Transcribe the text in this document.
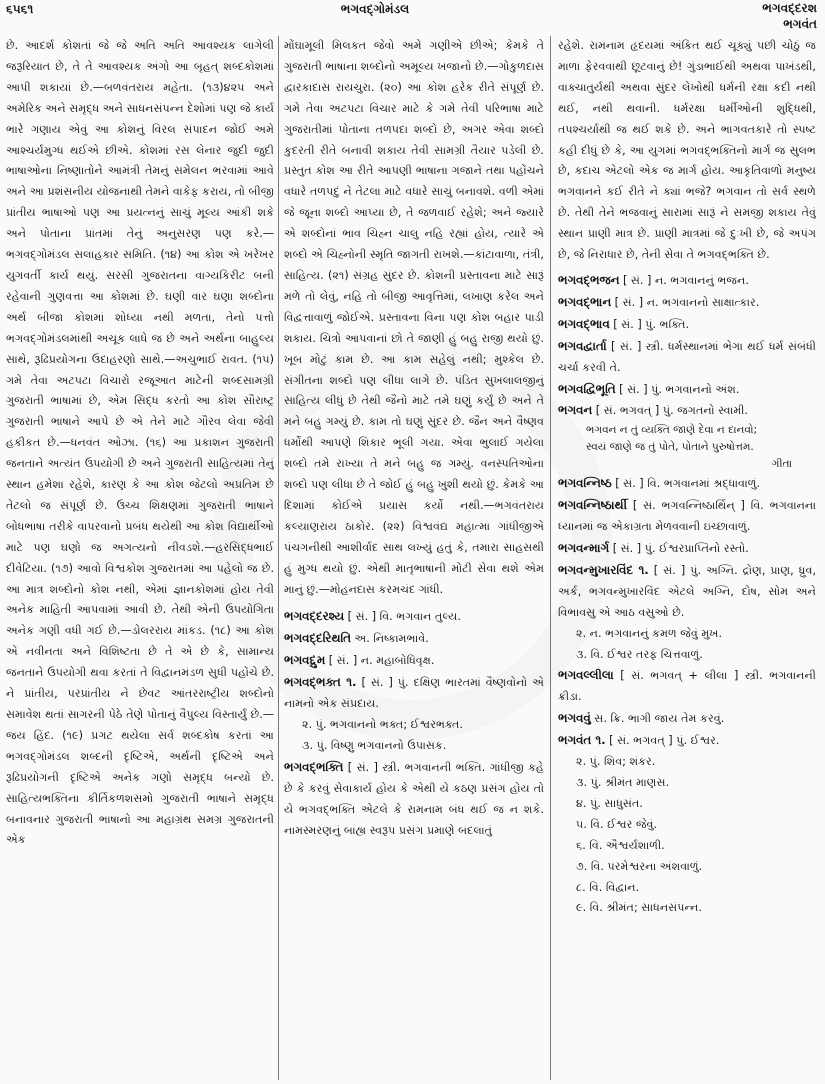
૬૫૬૧	ભગવદ્ગોમંડલ	ભગવદ્દરશ
ભગવંત

છે. આદર્શ કોશતાં જે જે અતિ અતિ આવશ્યક લાગેલી જરૂરિયાત છે, તે તે આવશ્યક અંગો આ બૃહત્ શબ્દકોશમાં આપી શકાયાં છે.—બળવંતરાય મહેતા. (૧૩)૪૨૫ અને અમેરિક અને સમૃદ્ધ અને સાધનસંપન્ન દેશોમાં પણ જે કાર્ય ભારે ગણાય એવું આ કોશનું વિરલ સંપાદન જોઈ અમે આશ્ચર્યમુગ્ધ થઈએ છીએ. કોશમાં રસ લેનાર જુદી જુદી ભાષાઓના નિષ્ણાતોને આમંત્રી તેમનું સમેલન ભરવામાં આવે અને આ પ્રશંસનીય યોજનાથી તેમને વાકેફ કરાય, તો બીજી પ્રાંતીય ભાષાઓ પણ આ પ્રયત્નનું સાચું મૂલ્ય આંકી શકે અને પોતાના પ્રાંતમાં તેનું અનુસરણ પણ કરે.—ભગવદ્ગોમંડલ સલાહકાર સમિતિ. (૧૪) આ કોશ એ ખરેખર યુગવર્તી કાર્ય થયું. સરસી ગુજરાતના વાગ્યકિરીટ બની રહેવાની ગુણવત્તા આ કોશમાં છે. ઘણી વાર ઘણા શબ્દોના અર્થ બીજા કોશમાં શોધ્યા નથી મળતા, તેનો પત્તો ભગવદ્ગોમંડલમાંથી અચૂક લાધે જ છે અને અર્થના બાહુલ્ય સાથે, રૂઢિપ્રયોગના ઉદાહરણો સાથે.—અચુભાઈ રાવત. (૧૫) ગમે તેવા અટપટા વિચારો રજૂઆત માટેની શબ્દસામગ્રી ગુજરાતી ભાષામાં છે, એમ સિદ્ધ કરતો આ કોશ સૌરાષ્ટ્ર ગુજરાતી ભાષાને આપે છે એ તેને માટે ગૌરવ લેવા જેવી હકીકત છે.—ધનવંત ઓઝા. (૧૬) આ પ્રકાશન ગુજરાતી જનતાને અત્યંત ઉપયોગી છે અને ગુજરાતી સાહિત્યમાં તેનું સ્થાન હમેશા રહેશે, કારણ કે આ કોશ જેટલો અપ્રતિમ છે તેટલો જ સંપૂર્ણ છે. ઉચ્ચ શિક્ષણમાં ગુજરાતી ભાષાને બોધભાષા તરીકે વાપરવાનો પ્રબંધ થયેથી આ કોશ વિદ્યાર્થીઓ માટે પણ ઘણો જ અગત્યનો નીવડશે.—હરસિદ્ધભાઈ દીવેટિયા. (૧૭) આવો વિશ્વકોશ ગુજરાતમાં આ પહેલો જ છે. આ માત્ર શબ્દોનો કોશ નથી, એમાં જ્ઞાનકોશમાં હોય તેવી અનેક માહિતી આપવામાં આવી છે. તેથી એની ઉપયોગિતા અનેક ગણી વધી ગઈ છે.—ડોલરરાય માંકડ. (૧૮) આ કોશ એ નવીનતા અને વિશિષ્ટતા છે તે એ છે કે, સામાન્ય જનતાને ઉપયોગી થવા કરતાં તે વિદ્વાનમંડળ સુધી પહોંચે છે. ને પ્રાંતીય, પરપ્રાંતીય ને છેવટ આંતરરાષ્ટ્રીય શબ્દોનો સમાવેશ થતાં સાગરની પેઠે તેણે પોતાનું વૈપુલ્ય વિસ્તાર્યું છે.—જય હિંદ. (૧૯) પ્રગટ થયેલા સર્વ શબ્દકોષ કરતાં આ ભગવદ્ગોમંડલ શબ્દની દૃષ્ટિએ, અર્થની દૃષ્ટિએ અને રૂઢિપ્રયોગની દૃષ્ટિએ અનેક ગણો સમૃદ્ધ બન્યો છે. સાહિત્યભક્તિના કીર્તિકળશસમો ગુજરાતી ભાષાને સમૃદ્ધ બનાવનાર ગુજરાતી ભાષાનો આ મહાગ્રંથ સમગ્ર ગુજરાતની એક

મોંઘામૂલી મિલકત જેવો અમે ગણીએ છીએ; કેમકે તે ગુજરાતી ભાષાના શબ્દોનો અમૂલ્ય ખજાનો છે.—ગોકુળદાસ દ્વારકાદાસ રાયચુરા. (૨૦) આ કોશ હરેક રીતે સંપૂર્ણ છે. ગમે તેવા અટપટા વિચાર માટે કે ગમે તેવી પરિભાષા માટે ગુજરાતીમાં પોતાના તળપદા શબ્દો છે, અગર એવા શબ્દો કુદરતી રીતે બનાવી શકાય તેવી સામગ્રી તૈયાર પડેલી છે. પ્રસ્તુત કોશ આ રીતે આપણી ભાષાના ગજાને તથા પહોંચને વધારે તળપદું ને તેટલા માટે વધારે સાચું બનાવશે. વળી એમાં જે જૂના શબ્દો આપ્યા છે, તે જળવાઈ રહેશે; અને જ્યારે એ શબ્દોનાં ભાવ ચિહ્ન ચાલુ નહિ રહ્યાં હોય, ત્યારે એ શબ્દો એ ચિહ્નોની સ્મૃતિ જાગતી રાખશે.—કાંટાવાળા, તંત્રી, સાહિત્ય. (૨૧) સંગ્રહ સુંદર છે. કોશની પ્રસ્તાવના માટે સારૂં મળે તો લેવું, નહિ તો બીજી આવૃત્તિમાં, લખાણ કરેલ અને વિદ્વત્તાવાળું જોઈએ. પ્રસ્તાવના વિના પણ કોશ બહાર પાડી શકાય. ચિત્રો આપવાનાં છો તે જાણી હું બહુ રાજી થયો છું. ખૂબ મોટું કામ છે. આ કામ સહેલું નથી; મુશ્કેલ છે. સંગીતના શબ્દો પણ લીધા લાગે છે. પંડિત સુખલાલજીનું સાહિત્ય લીધું છે તેથી જૈનો માટે તમે ઘણું કર્યું છે અને તે મને બહુ ગમ્યું છે. કામ તો ઘણું સુંદર છે. જૈન અને વૈષ્ણવ ધર્મોથી આપણે શિકાર ભૂલી ગયા. એવા ભુલાઈ ગયેલા શબ્દો તમે રાખ્યા તે મને બહુ જ ગમ્યું. વનસ્પતિઓના શબ્દો પણ લીધા છે તે જોઈ હું બહુ ખુશી થયો છું. કેમકે આ દિશામાં કોઈએ પ્રયાસ કર્યો નથી.—ભગવંતરાય કલ્યાણરાય ઠાકોર. (૨૨) વિશ્વવંદ્ય મહાત્મા ગાંધીજીએ પંચગનીથી આશીર્વાદ સાથ લખ્યું હતું કે, તમારા સાહસથી હું મુગ્ધ થયો છું. એથી માતૃભાષાની મોટી સેવા થશે એમ માનું છું.—મોહનદાસ કરમચંદ ગાંધી.

ભગવદ્દરશ્ય [ સં. ] વિ. ભગવાન તુલ્ય.

ભગવદ્દરિથતિ અ. નિષ્કામભાવે.

ભગવદ્દ્રુમ [ સં. ] ન. મહાબોધિવૃક્ષ.

ભગવદ્ભક્ત ૧. [ સં. ] પું. દક્ષિણ ભારતમાં વૈષ્ણવોનો એ નામનો એક સંપ્રદાય.

૨. પું. ભગવાનનો ભક્ત; ઈશ્વરભક્ત.

૩. પું. વિષ્ણુ ભગવાનનો ઉપાસક.

ભગવદ્ભક્તિ [ સં. ] સ્ત્રી. ભગવાનની ભક્તિ. ગાંધીજી કહે છે કે કરવું સેવાકાર્ય હોય કે એથી યે કઠણ પ્રસંગ હોય તો યે ભગવદ્ભક્તિ એટલે કે રામનામ બંધ થઈ જ ન શકે. નામસ્મરણનું બાહ્ય સ્વરૂપ પ્રસંગ પ્રમાણે બદલાતું

રહેશે. રામનામ હૃદયમાં અંકિત થઈ ચૂક્યું પછી ચોઠું જ માળા ફેરવવાથી છૂટવાનું છે! ગુંડાભાઈથી અથવા પાખંડથી, વાક્ચાતુર્યથી અથવા સુંદર લેખોથી ધર્મની રક્ષા કદી નથી થઈ, નથી થવાની. ધર્મરક્ષા ધર્મીઓની શુદ્ધિથી, તપશ્ચર્યાથી જ થઈ શકે છે. અને ભાગવતકારે તો સ્પષ્ટ કહી દીધું છે કે, આ યુગમાં ભગવદ્ભક્તિનો માર્ગ જ સુલભ છે, કદાચ એટલો એક જ માર્ગ હોય. આકૃતિવાળો મનુષ્ય ભગવાનને કઈ રીતે ને ક્યાં ભજે? ભગવાન તો સર્વ સ્થળે છે. તેથી તેને ભજવાનું સારામાં સારૂં ને સમજી શકાય તેવું સ્થાન પ્રાણી માત્ર છે. પ્રાણી માત્રમાં જે દુઃખી છે, જે અપંગ છે, જે નિરાધાર છે, તેની સેવા તે ભગવદ્ભક્તિ છે.

ભગવદ્ભજન [ સં. ] ન. ભગવાનનું ભજન.

ભગવદ્ભાન [ સં. ] ન. ભગવાનનો સાક્ષાત્કાર.

ભગવદ્ભાવ [ સં. ] પું. ભક્તિ.

ભગવદ્વાર્તા [ સં. ] સ્ત્રી. ધર્મસ્થાનમાં ભેગા થઈ ધર્મ સંબંધી ચર્ચા કરવી તે.

ભગવદ્વિભૂતિ [ સં. ] પું. ભગવાનનો અંશ.

ભગવન [ સં. ભગવત્ ] પું. જગતનો સ્વામી.

ભગવન ન તું વ્યક્તિ જાણે દેવા ન દાનવો;

સ્વયં જાણે જ તું પોતે, પોતાને પુરુષોત્તમ.

ગીતા

ભગવન્નિષ્ઠ [ સં. ] વિ. ભગવાનમાં શ્રદ્ધાવાળું.

ભગવન્નિષ્ઠાર્થી [ સં. ભગવન્નિષ્ઠાર્થિન્ ] વિ. ભગવાનના ધ્યાનમાં જ એકાગ્રતા મેળવવાની ઇચ્છાવાળું.

ભગવન્માર્ગ [ સં. ] પું. ઈશ્વરપ્રાપ્તિનો રસ્તો.

ભગવન્મુખારવિંદ ૧. [ સં. ] પું. અગ્નિ. દ્રોણ, પ્રાણ, ધ્રુવ, અર્ક, ભગવન્મુખારવિંદ એટલે અગ્નિ, દોષ, સોમ અને વિભાવસુ એ આઠ વસુઓ છે.

૨. ન. ભગવાનનું કમળ જેવું મુખ.

૩. વિ. ઈશ્વર તરફ ચિત્તવાળું.

ભગવલ્લીલા [ સં. ભગવત્ + લીલા ] સ્ત્રી. ભગવાનની ક્રીડા.

ભગવવું સ. ક્રિ. ભાગી જાય તેમ કરવું.

ભગવંત ૧. [ સં. ભગવત્ ] પું. ઈશ્વર.

૨. પું. શિવ; શંકર.

૩. પું. શ્રીમંત માણસ.

૪. પું. સાધુસંત.

૫. વિ. ઈશ્વર જેવું.

૬. વિ. ઐશ્વર્યશાળી.

૭. વિ. પરમેશ્વરના અંશવાળું.

૮. વિ. વિદ્વાન.

૯. વિ. શ્રીમંત; સાધનસંપન્ન.
